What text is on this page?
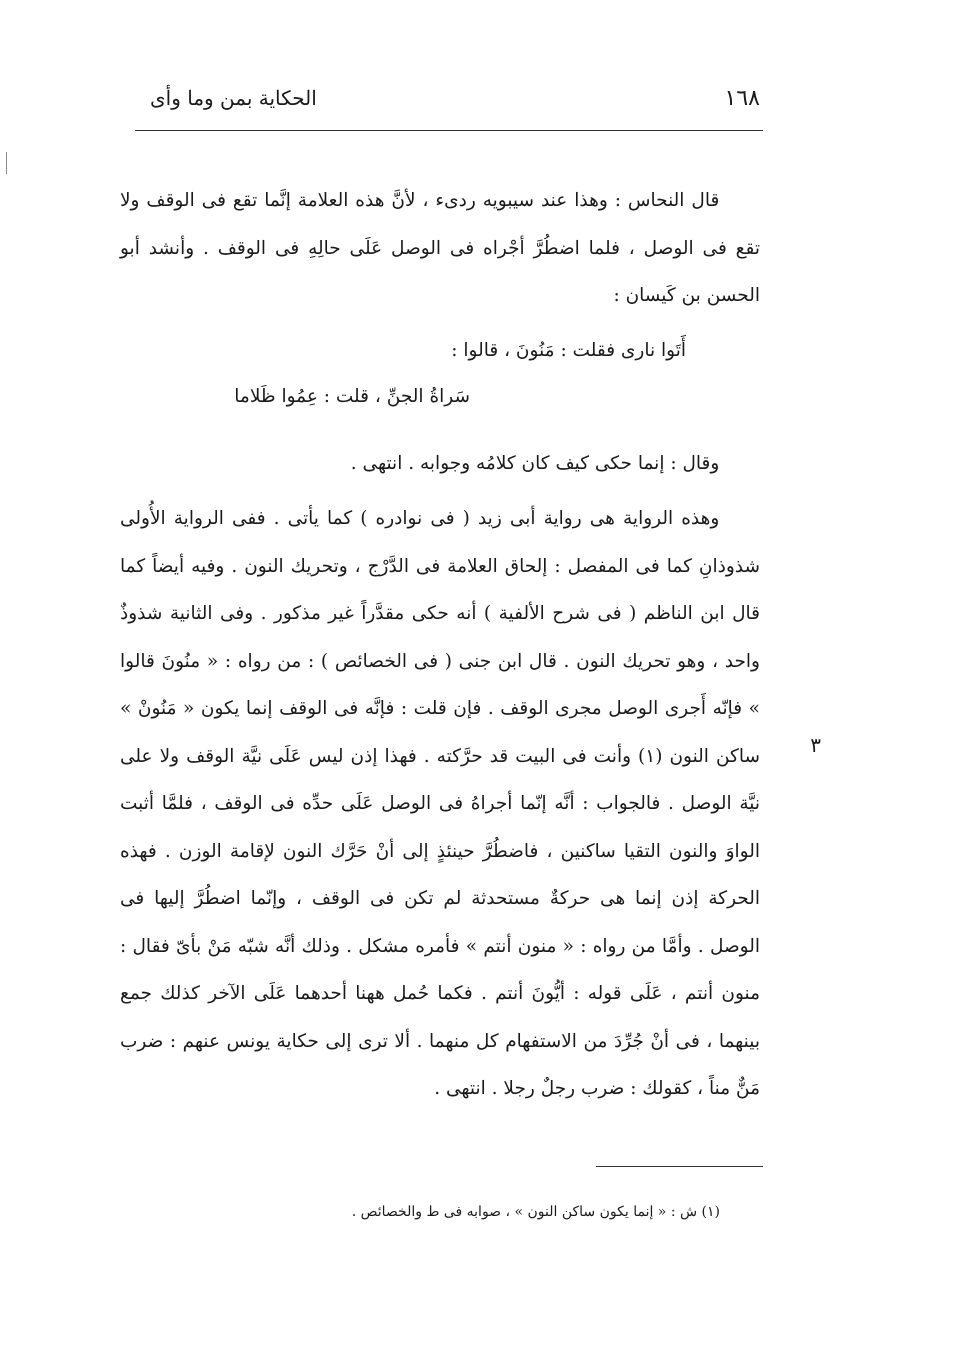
١٦٨
الحكاية بمن وما وأى

قال النحاس : وهذا عند سيبويه ردىء ، لأنَّ هذه العلامة إنَّما تقع فى الوقف ولا تقع فى الوصل ، فلما اضطُرَّ أجْراه فى الوصل عَلَى حالِهِ فى الوقف . وأنشد أبو الحسن بن كَيسان :

أَتَوا نارى فقلت : مَنُونَ ، قالوا :
سَراةُ الجنِّ ، قلت : عِمُوا ظَلاما

وقال : إنما حكى كيف كان كلامُه وجوابه . انتهى .

وهذه الرواية هى رواية أبى زيد ( فى نوادره ) كما يأتى . ففى الرواية الأُولى شذوذانِ كما فى المفصل : إلحاق العلامة فى الدَّرْج ، وتحريك النون . وفيه أيضاً كما قال ابن الناظم ( فى شرح الألفية ) أنه حكى مقدَّراً غير مذكور . وفى الثانية شذوذٌ واحد ، وهو تحريك النون . قال ابن جنى ( فى الخصائص ) : من رواه : « منُونَ قالوا » فإنّه أَجرى الوصل مجرى الوقف . فإن قلت : فإنَّه فى الوقف إنما يكون « مَنُونْ » ساكن النون (١) وأنت فى البيت قد حرَّكته . فهذا إذن ليس عَلَى نيَّة الوقف ولا على نيَّة الوصل . فالجواب : أنَّه إنّما أجراهُ فى الوصل عَلَى حدِّه فى الوقف ، فلمَّا أثبت الواوَ والنون التقيا ساكنين ، فاضطُرَّ حينئذٍ إلى أنْ حَرَّك النون لإقامة الوزن . فهذه الحركة إذن إنما هى حركةٌ مستحدثة لم تكن فى الوقف ، وإنّما اضطُرَّ إليها فى الوصل . وأمَّا من رواه : « منون أنتم » فأمره مشكل . وذلك أنَّه شبّه مَنْ بأىّ فقال : منون أنتم ، عَلَى قوله : أيُّونَ أنتم . فكما حُمل ههنا أحدهما عَلَى الآخر كذلك جمع بينهما ، فى أنْ جُرِّدَ من الاستفهام كل منهما . ألا ترى إلى حكاية يونس عنهم : ضرب مَنٌّ مناً ، كقولك : ضرب رجلٌ رجلا . انتهى .

٣
(١) ش : « إنما يكون ساكن النون » ، صوابه فى ط والخصائص .
